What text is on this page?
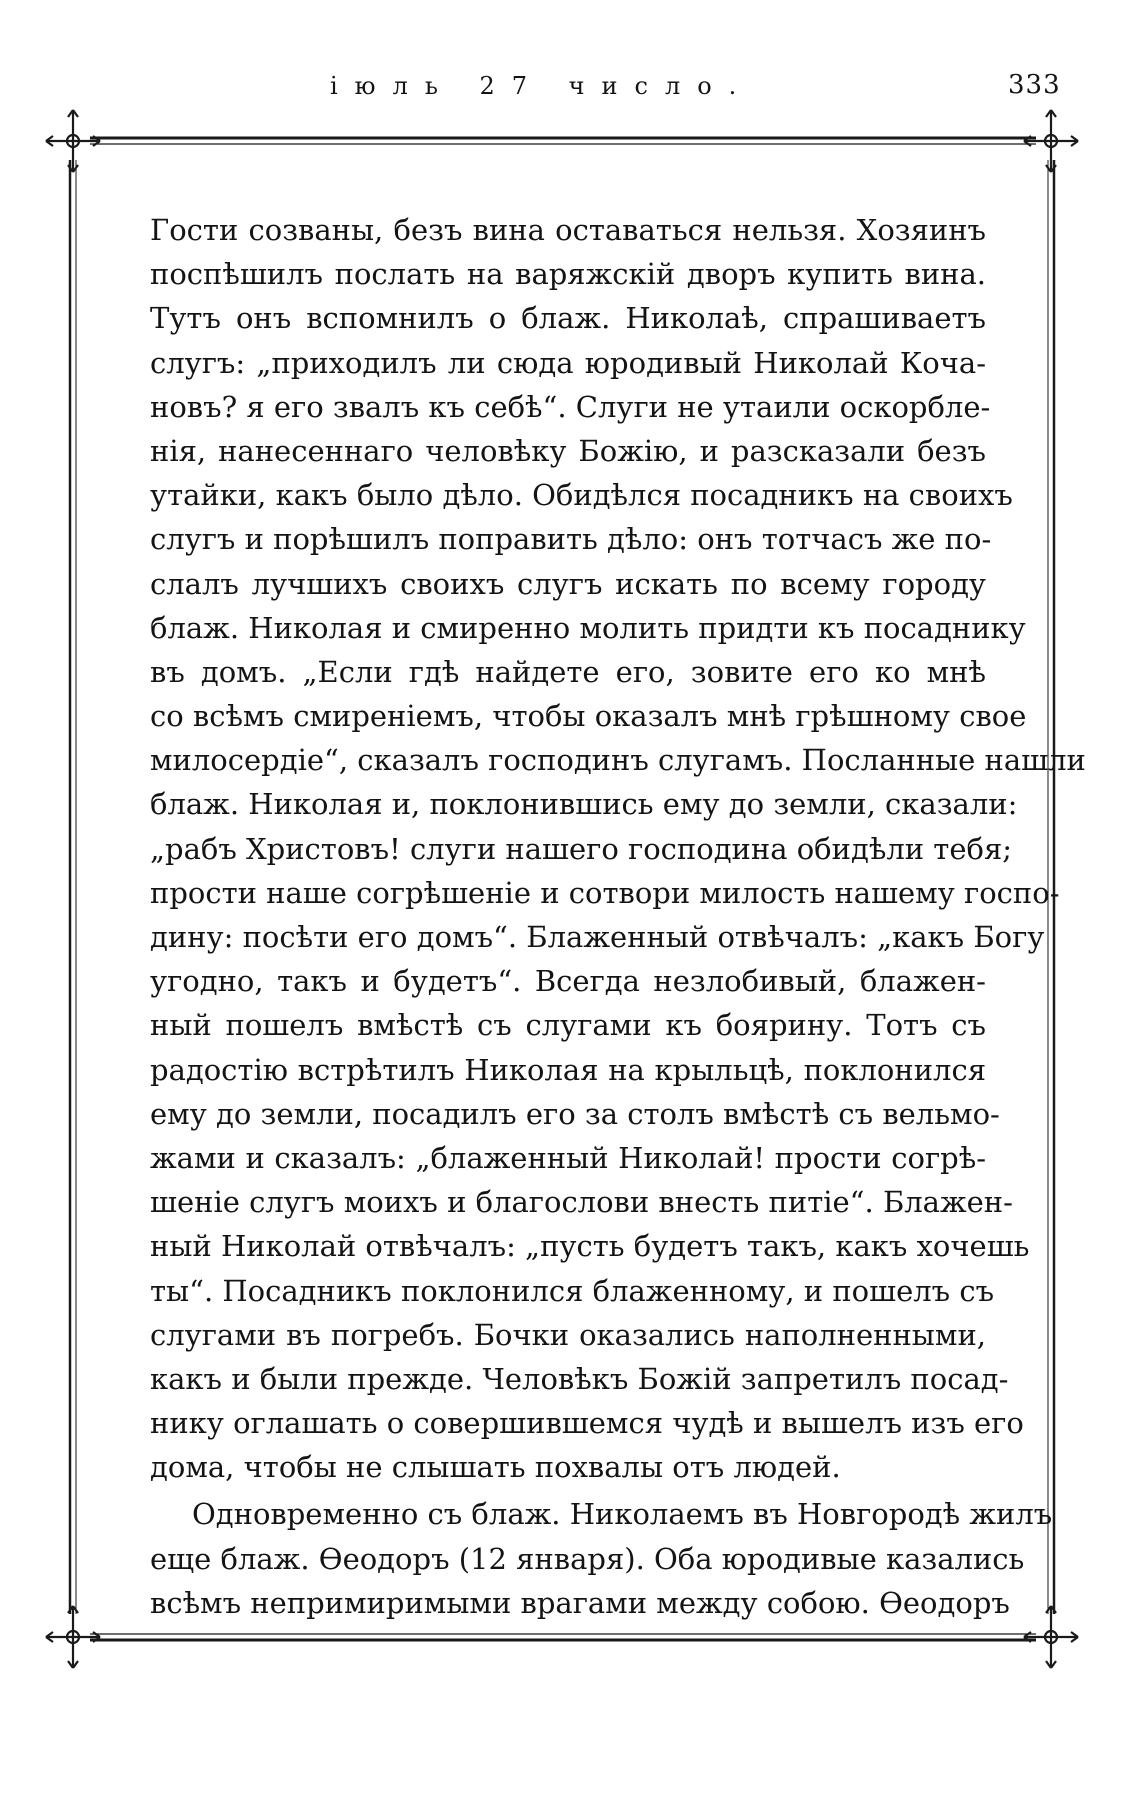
іюль 27 число.	333
Гости созваны, безъ вина оставаться нельзя. Хозяинъ
поспѣшилъ послать на варяжскій дворъ купить вина.
Тутъ онъ вспомнилъ о блаж. Николаѣ, спрашиваетъ
слугъ: „приходилъ ли сюда юродивый Николай Коча-
новъ? я его звалъ къ себѣ“. Слуги не утаили оскорбле-
нія, нанесеннаго человѣку Божію, и разсказали безъ
утайки, какъ было дѣло. Обидѣлся посадникъ на своихъ
слугъ и порѣшилъ поправить дѣло: онъ тотчасъ же по-
слалъ лучшихъ своихъ слугъ искать по всему городу
блаж. Николая и смиренно молить придти къ посаднику
въ домъ. „Если гдѣ найдете его, зовите его ко мнѣ
со всѣмъ смиреніемъ, чтобы оказалъ мнѣ грѣшному свое
милосердіе“, сказалъ господинъ слугамъ. Посланные нашли
блаж. Николая и, поклонившись ему до земли, сказали:
„рабъ Христовъ! слуги нашего господина обидѣли тебя;
прости наше согрѣшеніе и сотвори милость нашему госпо-
дину: посѣти его домъ“. Блаженный отвѣчалъ: „какъ Богу
угодно, такъ и будетъ“. Всегда незлобивый, блажен-
ный пошелъ вмѣстѣ съ слугами къ боярину. Тотъ съ
радостію встрѣтилъ Николая на крыльцѣ, поклонился
ему до земли, посадилъ его за столъ вмѣстѣ съ вельмо-
жами и сказалъ: „блаженный Николай! прости согрѣ-
шеніе слугъ моихъ и благослови внесть питіе“. Блажен-
ный Николай отвѣчалъ: „пусть будетъ такъ, какъ хочешь
ты“. Посадникъ поклонился блаженному, и пошелъ съ
слугами въ погребъ. Бочки оказались наполненными,
какъ и были прежде. Человѣкъ Божій запретилъ посад-
нику оглашать о совершившемся чудѣ и вышелъ изъ его
дома, чтобы не слышать похвалы отъ людей.
Одновременно съ блаж. Николаемъ въ Новгородѣ жилъ
еще блаж. Ѳеодоръ (12 января). Оба юродивые казались
всѣмъ непримиримыми врагами между собою. Ѳеодоръ
